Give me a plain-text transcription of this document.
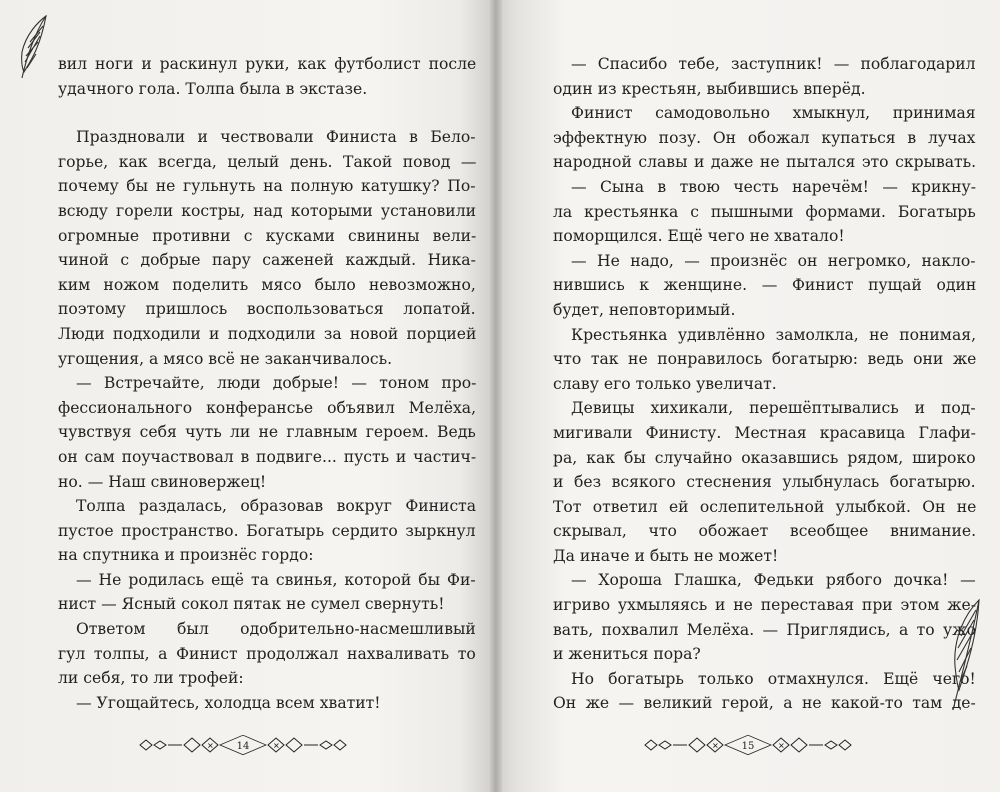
вил ноги и раскинул руки, как футболист после

удачного гола. Толпа была в экстазе.

Праздновали и чествовали Финиста в Бело-

горье, как всегда, целый день. Такой повод —

почему бы не гульнуть на полную катушку? По-

всюду горели костры, над которыми установили

огромные противни с кусками свинины вели-

чиной с добрые пару саженей каждый. Ника-

ким ножом поделить мясо было невозможно,

поэтому пришлось воспользоваться лопатой.

Люди подходили и подходили за новой порцией

угощения, а мясо всё не заканчивалось.

— Встречайте, люди добрые! — тоном про-

фессионального конферансье объявил Мелёха,

чувствуя себя чуть ли не главным героем. Ведь

он сам поучаствовал в подвиге... пусть и частич-

но. — Наш свиновержец!

Толпа раздалась, образовав вокруг Финиста

пустое пространство. Богатырь сердито зыркнул

на спутника и произнёс гордо:

— Не родилась ещё та свинья, которой бы Фи-

нист — Ясный сокол пятак не сумел свернуть!

Ответом был одобрительно-насмешливый

гул толпы, а Финист продолжал нахваливать то

ли себя, то ли трофей:

— Угощайтесь, холодца всем хватит!

✕	✕
14

— Спасибо тебе, заступник! — поблагодарил

один из крестьян, выбившись вперёд.

Финист самодовольно хмыкнул, принимая

эффектную позу. Он обожал купаться в лучах

народной славы и даже не пытался это скрывать.

— Сына в твою честь наречём! — крикну-

ла крестьянка с пышными формами. Богатырь

поморщился. Ещё чего не хватало!

— Не надо, — произнёс он негромко, накло-

нившись к женщине. — Финист пущай один

будет, неповторимый.

Крестьянка удивлённо замолкла, не понимая,

что так не понравилось богатырю: ведь они же

славу его только увеличат.

Девицы хихикали, перешёптывались и под-

мигивали Финисту. Местная красавица Глафи-

ра, как бы случайно оказавшись рядом, широко

и без всякого стеснения улыбнулась богатырю.

Тот ответил ей ослепительной улыбкой. Он не

скрывал, что обожает всеобщее внимание.

Да иначе и быть не может!

— Хороша Глашка, Федьки рябого дочка! —

игриво ухмыляясь и не переставая при этом же-

вать, похвалил Мелёха. — Приглядись, а то ужо

и жениться пора?

Но богатырь только отмахнулся. Ещё чего!

Он же — великий герой, а не какой-то там де-

✕	✕
15
